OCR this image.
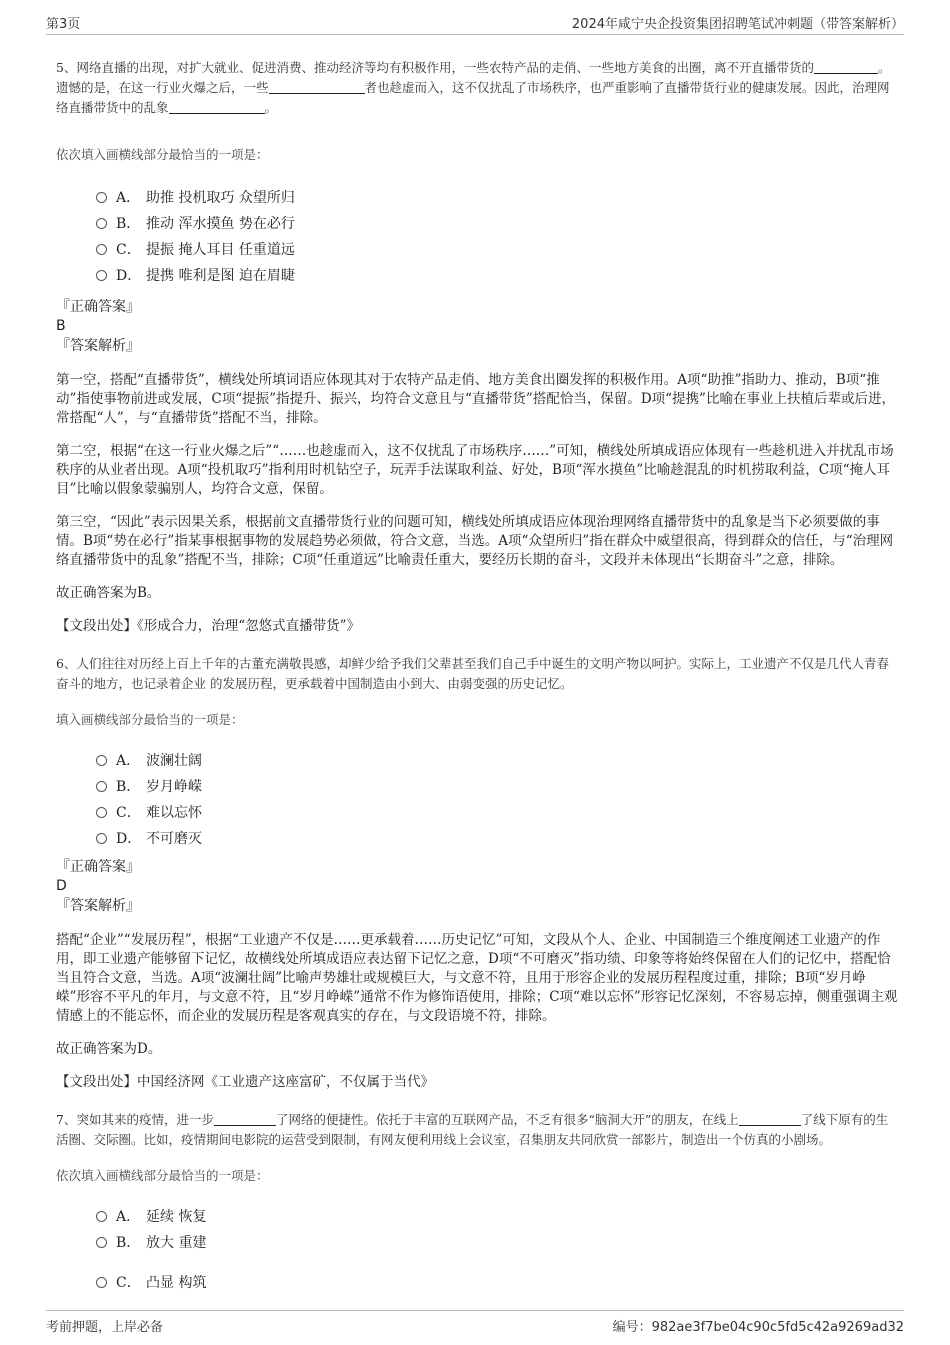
第3页	2024年咸宁央企投资集团招聘笔试冲刺题（带答案解析）

5、网络直播的出现，对扩大就业、促进消费、推动经济等均有积极作用，一些农特产品的走俏、一些地方美食的出圈，离不开直播带货的	。遗憾的是，在这一行业火爆之后，一些	者也趁虚而入，这不仅扰乱了市场秩序，也严重影响了直播带货行业的健康发展。因此，治理网络直播带货中的乱象	。

依次填入画横线部分最恰当的一项是：

A． 助推 投机取巧 众望所归
B． 推动 浑水摸鱼 势在必行
C． 提振 掩人耳目 任重道远
D． 提携 唯利是图 迫在眉睫

『正确答案』

B

『答案解析』

第一空，搭配“直播带货”，横线处所填词语应体现其对于农特产品走俏、地方美食出圈发挥的积极作用。A项“助推”指助力、推动，B项“推动”指使事物前进或发展，C项“提振”指提升、振兴，均符合文意且与“直播带货”搭配恰当，保留。D项“提携”比喻在事业上扶植后辈或后进，常搭配“人”，与“直播带货”搭配不当，排除。

第二空，根据“在这一行业火爆之后”“……也趁虚而入，这不仅扰乱了市场秩序……”可知，横线处所填成语应体现有一些趁机进入并扰乱市场秩序的从业者出现。A项“投机取巧”指利用时机钻空子，玩弄手法谋取利益、好处，B项“浑水摸鱼”比喻趁混乱的时机捞取利益，C项“掩人耳目”比喻以假象蒙骗别人，均符合文意，保留。

第三空，“因此”表示因果关系，根据前文直播带货行业的问题可知，横线处所填成语应体现治理网络直播带货中的乱象是当下必须要做的事情。B项“势在必行”指某事根据事物的发展趋势必须做，符合文意，当选。A项“众望所归”指在群众中威望很高，得到群众的信任，与“治理网络直播带货中的乱象”搭配不当，排除；C项“任重道远”比喻责任重大，要经历长期的奋斗，文段并未体现出“长期奋斗”之意，排除。

故正确答案为B。

【文段出处】《形成合力，治理“忽悠式直播带货”》

6、人们往往对历经上百上千年的古董充满敬畏感，却鲜少给予我们父辈甚至我们自己手中诞生的文明产物以呵护。实际上，工业遗产不仅是几代人青春奋斗的地方，也记录着企业 的发展历程，更承载着中国制造由小到大、由弱变强的历史记忆。

填入画横线部分最恰当的一项是：

A． 波澜壮阔
B． 岁月峥嵘
C． 难以忘怀
D． 不可磨灭

『正确答案』

D

『答案解析』

搭配“企业”“发展历程”，根据“工业遗产不仅是……更承载着……历史记忆”可知，文段从个人、企业、中国制造三个维度阐述工业遗产的作用，即工业遗产能够留下记忆，故横线处所填成语应表达留下记忆之意，D项“不可磨灭”指功绩、印象等将始终保留在人们的记忆中，搭配恰当且符合文意，当选。A项“波澜壮阔”比喻声势雄壮或规模巨大，与文意不符，且用于形容企业的发展历程程度过重，排除；B项“岁月峥嵘”形容不平凡的年月，与文意不符，且“岁月峥嵘”通常不作为修饰语使用，排除；C项“难以忘怀”形容记忆深刻，不容易忘掉，侧重强调主观情感上的不能忘怀，而企业的发展历程是客观真实的存在，与文段语境不符，排除。

故正确答案为D。

【文段出处】中国经济网《工业遗产这座富矿，不仅属于当代》

7、突如其来的疫情，进一步	了网络的便捷性。依托于丰富的互联网产品，不乏有很多“脑洞大开”的朋友，在线上	了线下原有的生活圈、交际圈。比如，疫情期间电影院的运营受到限制，有网友便利用线上会议室，召集朋友共同欣赏一部影片，制造出一个仿真的小剧场。

依次填入画横线部分最恰当的一项是：

A． 延续 恢复
B． 放大 重建
C． 凸显 构筑
考前押题，上岸必备	编号：982ae3f7be04c90c5fd5c42a9269ad32
